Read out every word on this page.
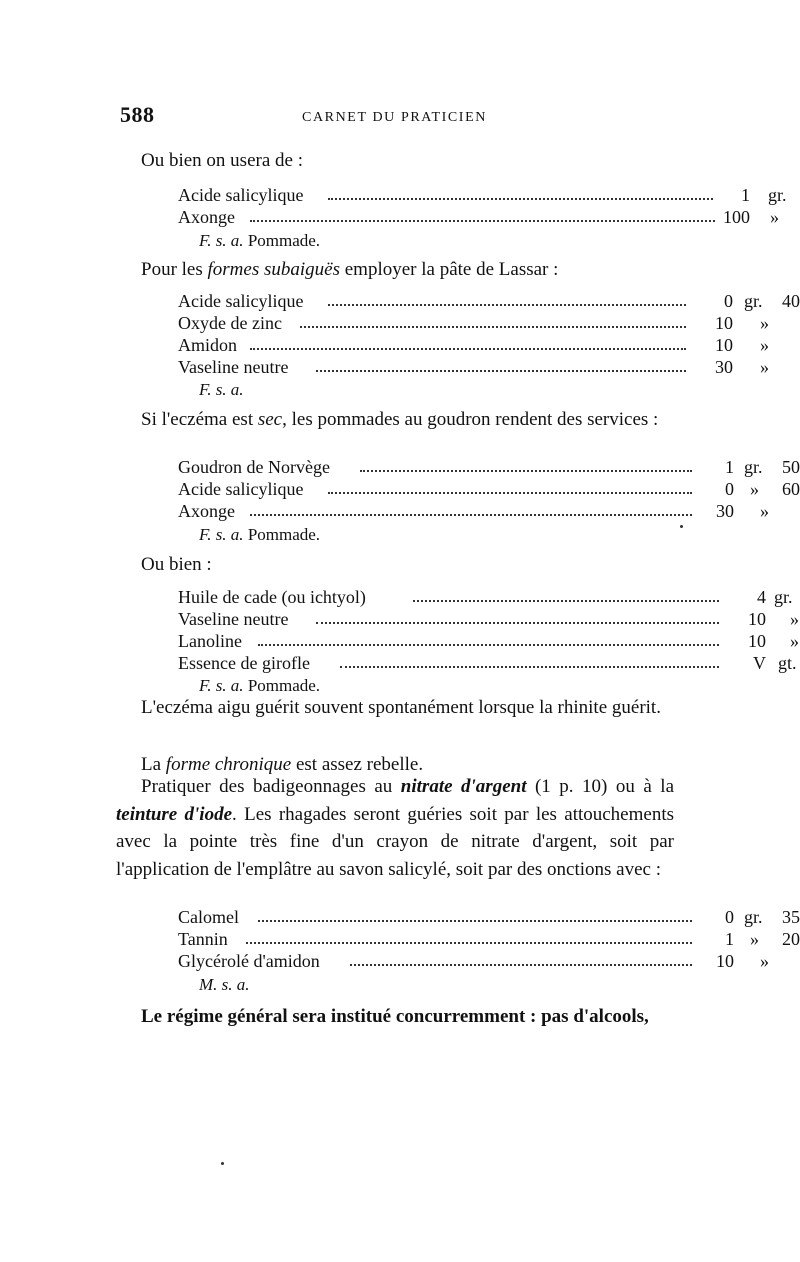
588	CARNET DU PRATICIEN
Ou bien on usera de :
Acide salicylique	1 gr.
Axonge	100 »
F. s. a. Pommade.
Pour les formes subaiguës employer la pâte de Lassar :
Acide salicylique	0 gr. 40
Oxyde de zinc	10 »
Amidon	10 »
Vaseline neutre	30 »
F. s. a.
Si l'eczéma est sec, les pommades au goudron rendent des services :
Goudron de Norvège	1 gr. 50
Acide salicylique	0 » 60
Axonge	30 »
F. s. a. Pommade.
Ou bien :
Huile de cade (ou ichtyol)	4 gr.
Vaseline neutre	10 »
Lanoline	10 »
Essence de girofle	V gt.
F. s. a. Pommade.
L'eczéma aigu guérit souvent spontanément lorsque la rhinite guérit.
La forme chronique est assez rebelle.
Pratiquer des badigeonnages au nitrate d'argent (1 p. 10) ou à la teinture d'iode. Les rhagades seront guéries soit par les attouchements avec la pointe très fine d'un crayon de nitrate d'argent, soit par l'application de l'emplâtre au savon salicylé, soit par des onctions avec :
Calomel	0 gr. 35
Tannin	1 » 20
Glycérolé d'amidon	10 »
M. s. a.
Le régime général sera institué concurremment : pas d'alcools,
